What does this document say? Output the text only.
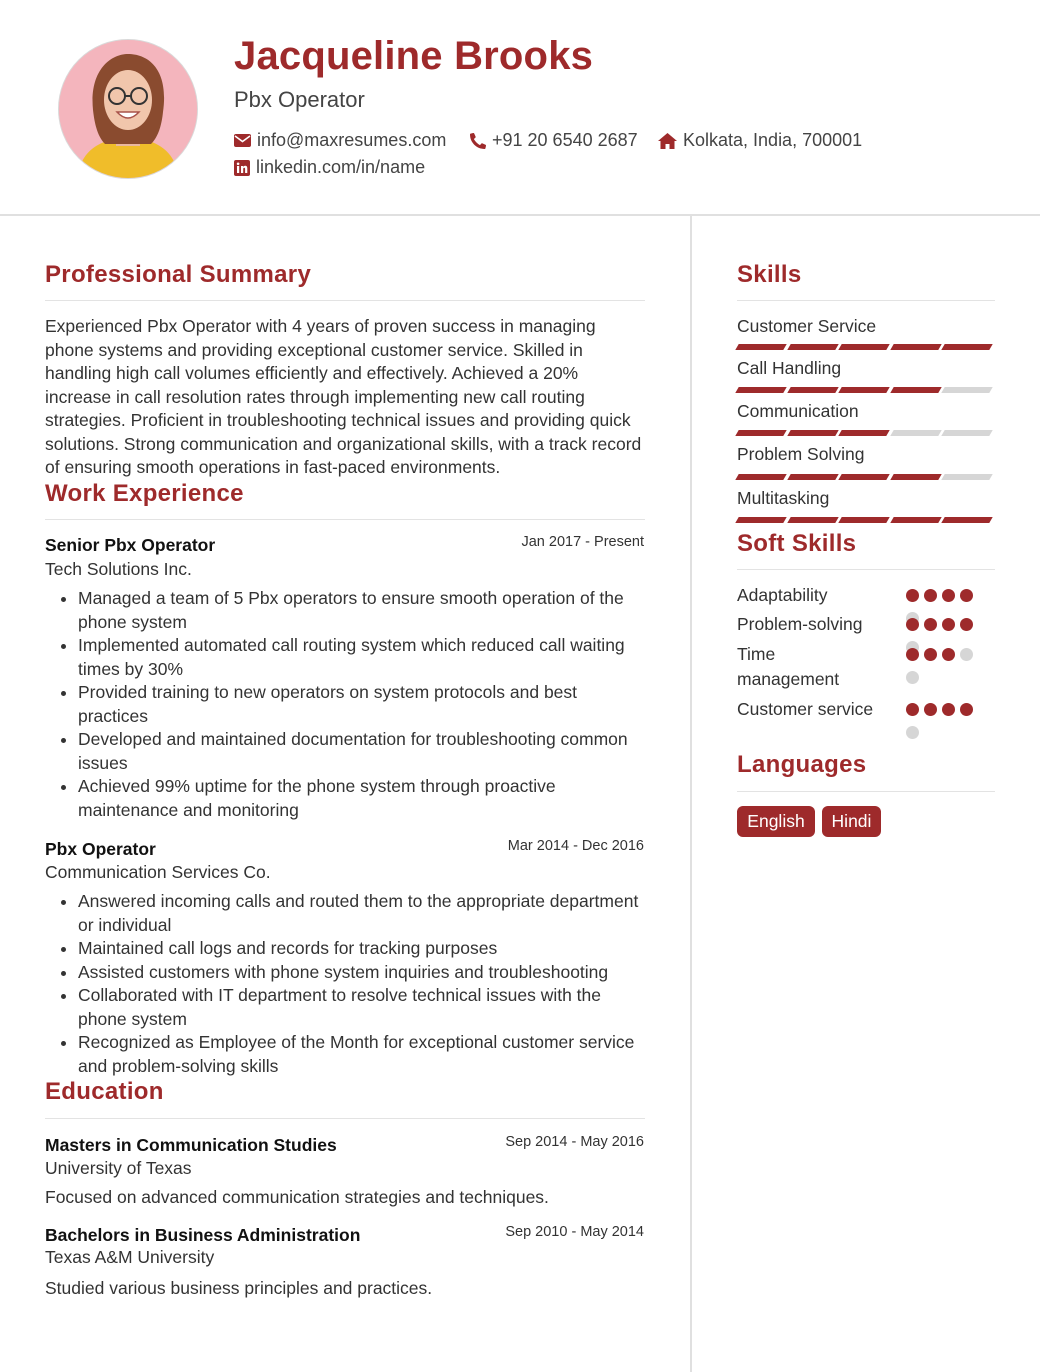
Jacqueline Brooks
Pbx Operator
info@maxresumes.com	+91 20 6540 2687	Kolkata, India, 700001
linkedin.com/in/name
Professional Summary
Experienced Pbx Operator with 4 years of proven success in managing phone systems and providing exceptional customer service. Skilled in handling high call volumes efficiently and effectively. Achieved a 20% increase in call resolution rates through implementing new call routing strategies. Proficient in troubleshooting technical issues and providing quick solutions. Strong communication and organizational skills, with a track record of ensuring smooth operations in fast-paced environments.
Work Experience
Senior Pbx Operator	Jan 2017 - Present
Tech Solutions Inc.
• Managed a team of 5 Pbx operators to ensure smooth operation of the phone system
• Implemented automated call routing system which reduced call waiting times by 30%
• Provided training to new operators on system protocols and best practices
• Developed and maintained documentation for troubleshooting common issues
• Achieved 99% uptime for the phone system through proactive maintenance and monitoring
Pbx Operator	Mar 2014 - Dec 2016
Communication Services Co.
• Answered incoming calls and routed them to the appropriate department or individual
• Maintained call logs and records for tracking purposes
• Assisted customers with phone system inquiries and troubleshooting
• Collaborated with IT department to resolve technical issues with the phone system
• Recognized as Employee of the Month for exceptional customer service and problem-solving skills
Education
Masters in Communication Studies	Sep 2014 - May 2016
University of Texas
Focused on advanced communication strategies and techniques.
Bachelors in Business Administration	Sep 2010 - May 2014
Texas A&M University
Studied various business principles and practices.
Skills
Customer Service
Call Handling
Communication
Problem Solving
Multitasking
Soft Skills
Adaptability
Problem-solving
Time management
Customer service
Languages
English	Hindi
